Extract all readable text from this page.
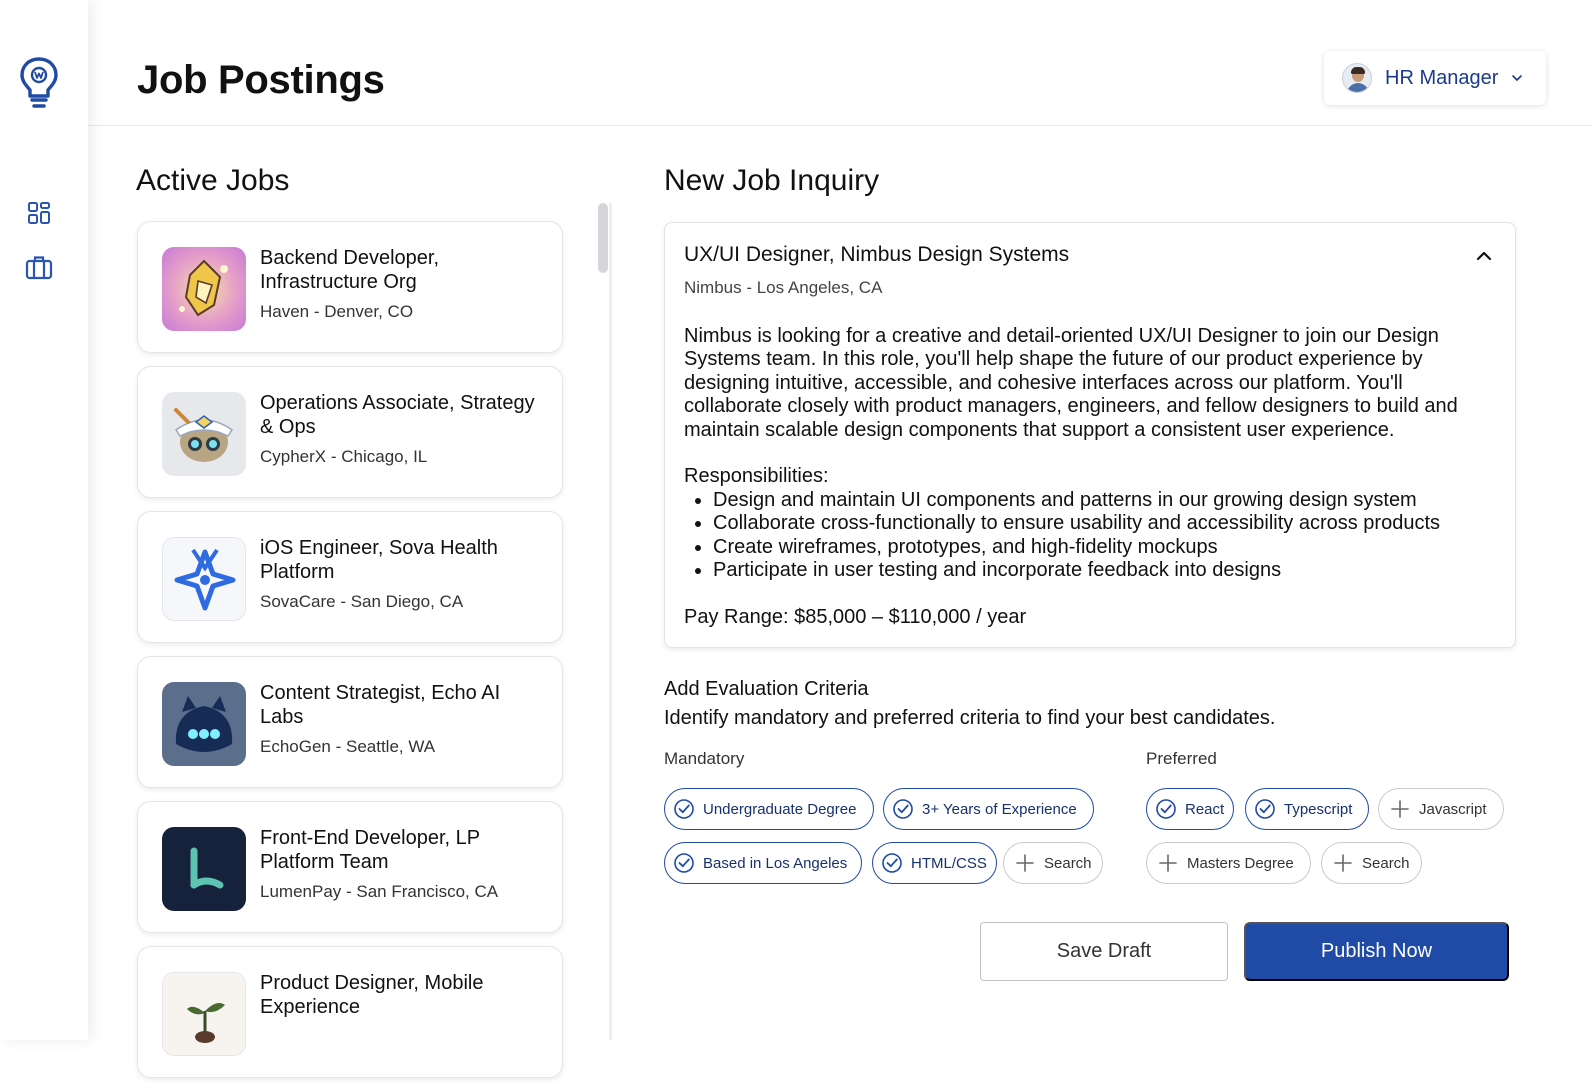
Job Postings	HR Manager
Active Jobs
Backend Developer, Infrastructure Org
Haven - Denver, CO
Operations Associate, Strategy & Ops
CypherX - Chicago, IL
iOS Engineer, Sova Health Platform
SovaCare - San Diego, CA
Content Strategist, Echo AI Labs
EchoGen - Seattle, WA
Front-End Developer, LP Platform Team
LumenPay - San Francisco, CA
Product Designer, Mobile Experience
New Job Inquiry
UX/UI Designer, Nimbus Design Systems
Nimbus - Los Angeles, CA

Nimbus is looking for a creative and detail-oriented UX/UI Designer to join our Design Systems team. In this role, you'll help shape the future of our product experience by designing intuitive, accessible, and cohesive interfaces across our platform. You'll collaborate closely with product managers, engineers, and fellow designers to build and maintain scalable design components that support a consistent user experience.

Responsibilities:

• Design and maintain UI components and patterns in our growing design system
• Collaborate cross-functionally to ensure usability and accessibility across products
• Create wireframes, prototypes, and high-fidelity mockups
• Participate in user testing and incorporate feedback into designs

Pay Range: $85,000 – $110,000 / year

Add Evaluation Criteria
Identify mandatory and preferred criteria to find your best candidates.
Mandatory	Preferred
Undergraduate Degree	3+ Years of Experience
Based in Los Angeles	HTML/CSS	Search
React	Typescript	Javascript
Masters Degree	Search
Save Draft	Publish Now
